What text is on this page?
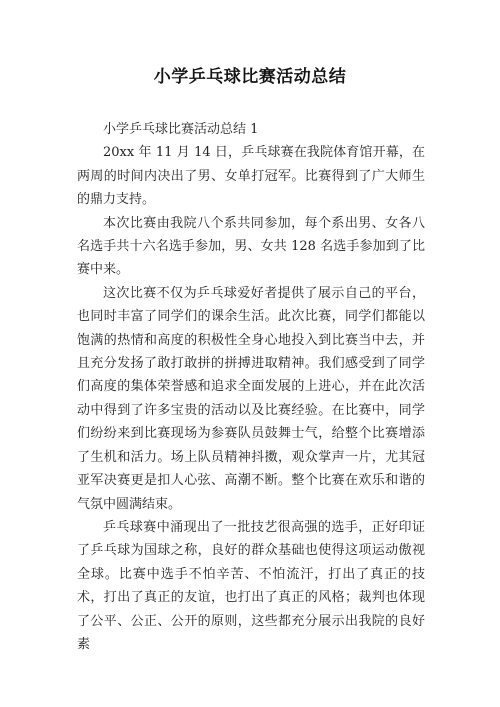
小学乒乓球比赛活动总结

小学乒乓球比赛活动总结 1

20xx 年 11 月 14 日，乒乓球赛在我院体育馆开幕，在两周的时间内决出了男、女单打冠军。比赛得到了广大师生的鼎力支持。

本次比赛由我院八个系共同参加，每个系出男、女各八名选手共十六名选手参加，男、女共 128 名选手参加到了比赛中来。

这次比赛不仅为乒乓球爱好者提供了展示自己的平台，也同时丰富了同学们的课余生活。此次比赛，同学们都能以饱满的热情和高度的积极性全身心地投入到比赛当中去，并且充分发扬了敢打敢拼的拼搏进取精神。我们感受到了同学们高度的集体荣誉感和追求全面发展的上进心，并在此次活动中得到了许多宝贵的活动以及比赛经验。在比赛中，同学们纷纷来到比赛现场为参赛队员鼓舞士气，给整个比赛增添了生机和活力。场上队员精神抖擞，观众掌声一片，尤其冠亚军决赛更是扣人心弦、高潮不断。整个比赛在欢乐和谐的气氛中圆满结束。

乒乓球赛中涌现出了一批技艺很高强的选手，正好印证了乒乓球为国球之称，良好的群众基础也使得这项运动傲视全球。比赛中选手不怕辛苦、不怕流汗，打出了真正的技术，打出了真正的友谊，也打出了真正的风格；裁判也体现了公平、公正、公开的原则，这些都充分展示出我院的良好素
